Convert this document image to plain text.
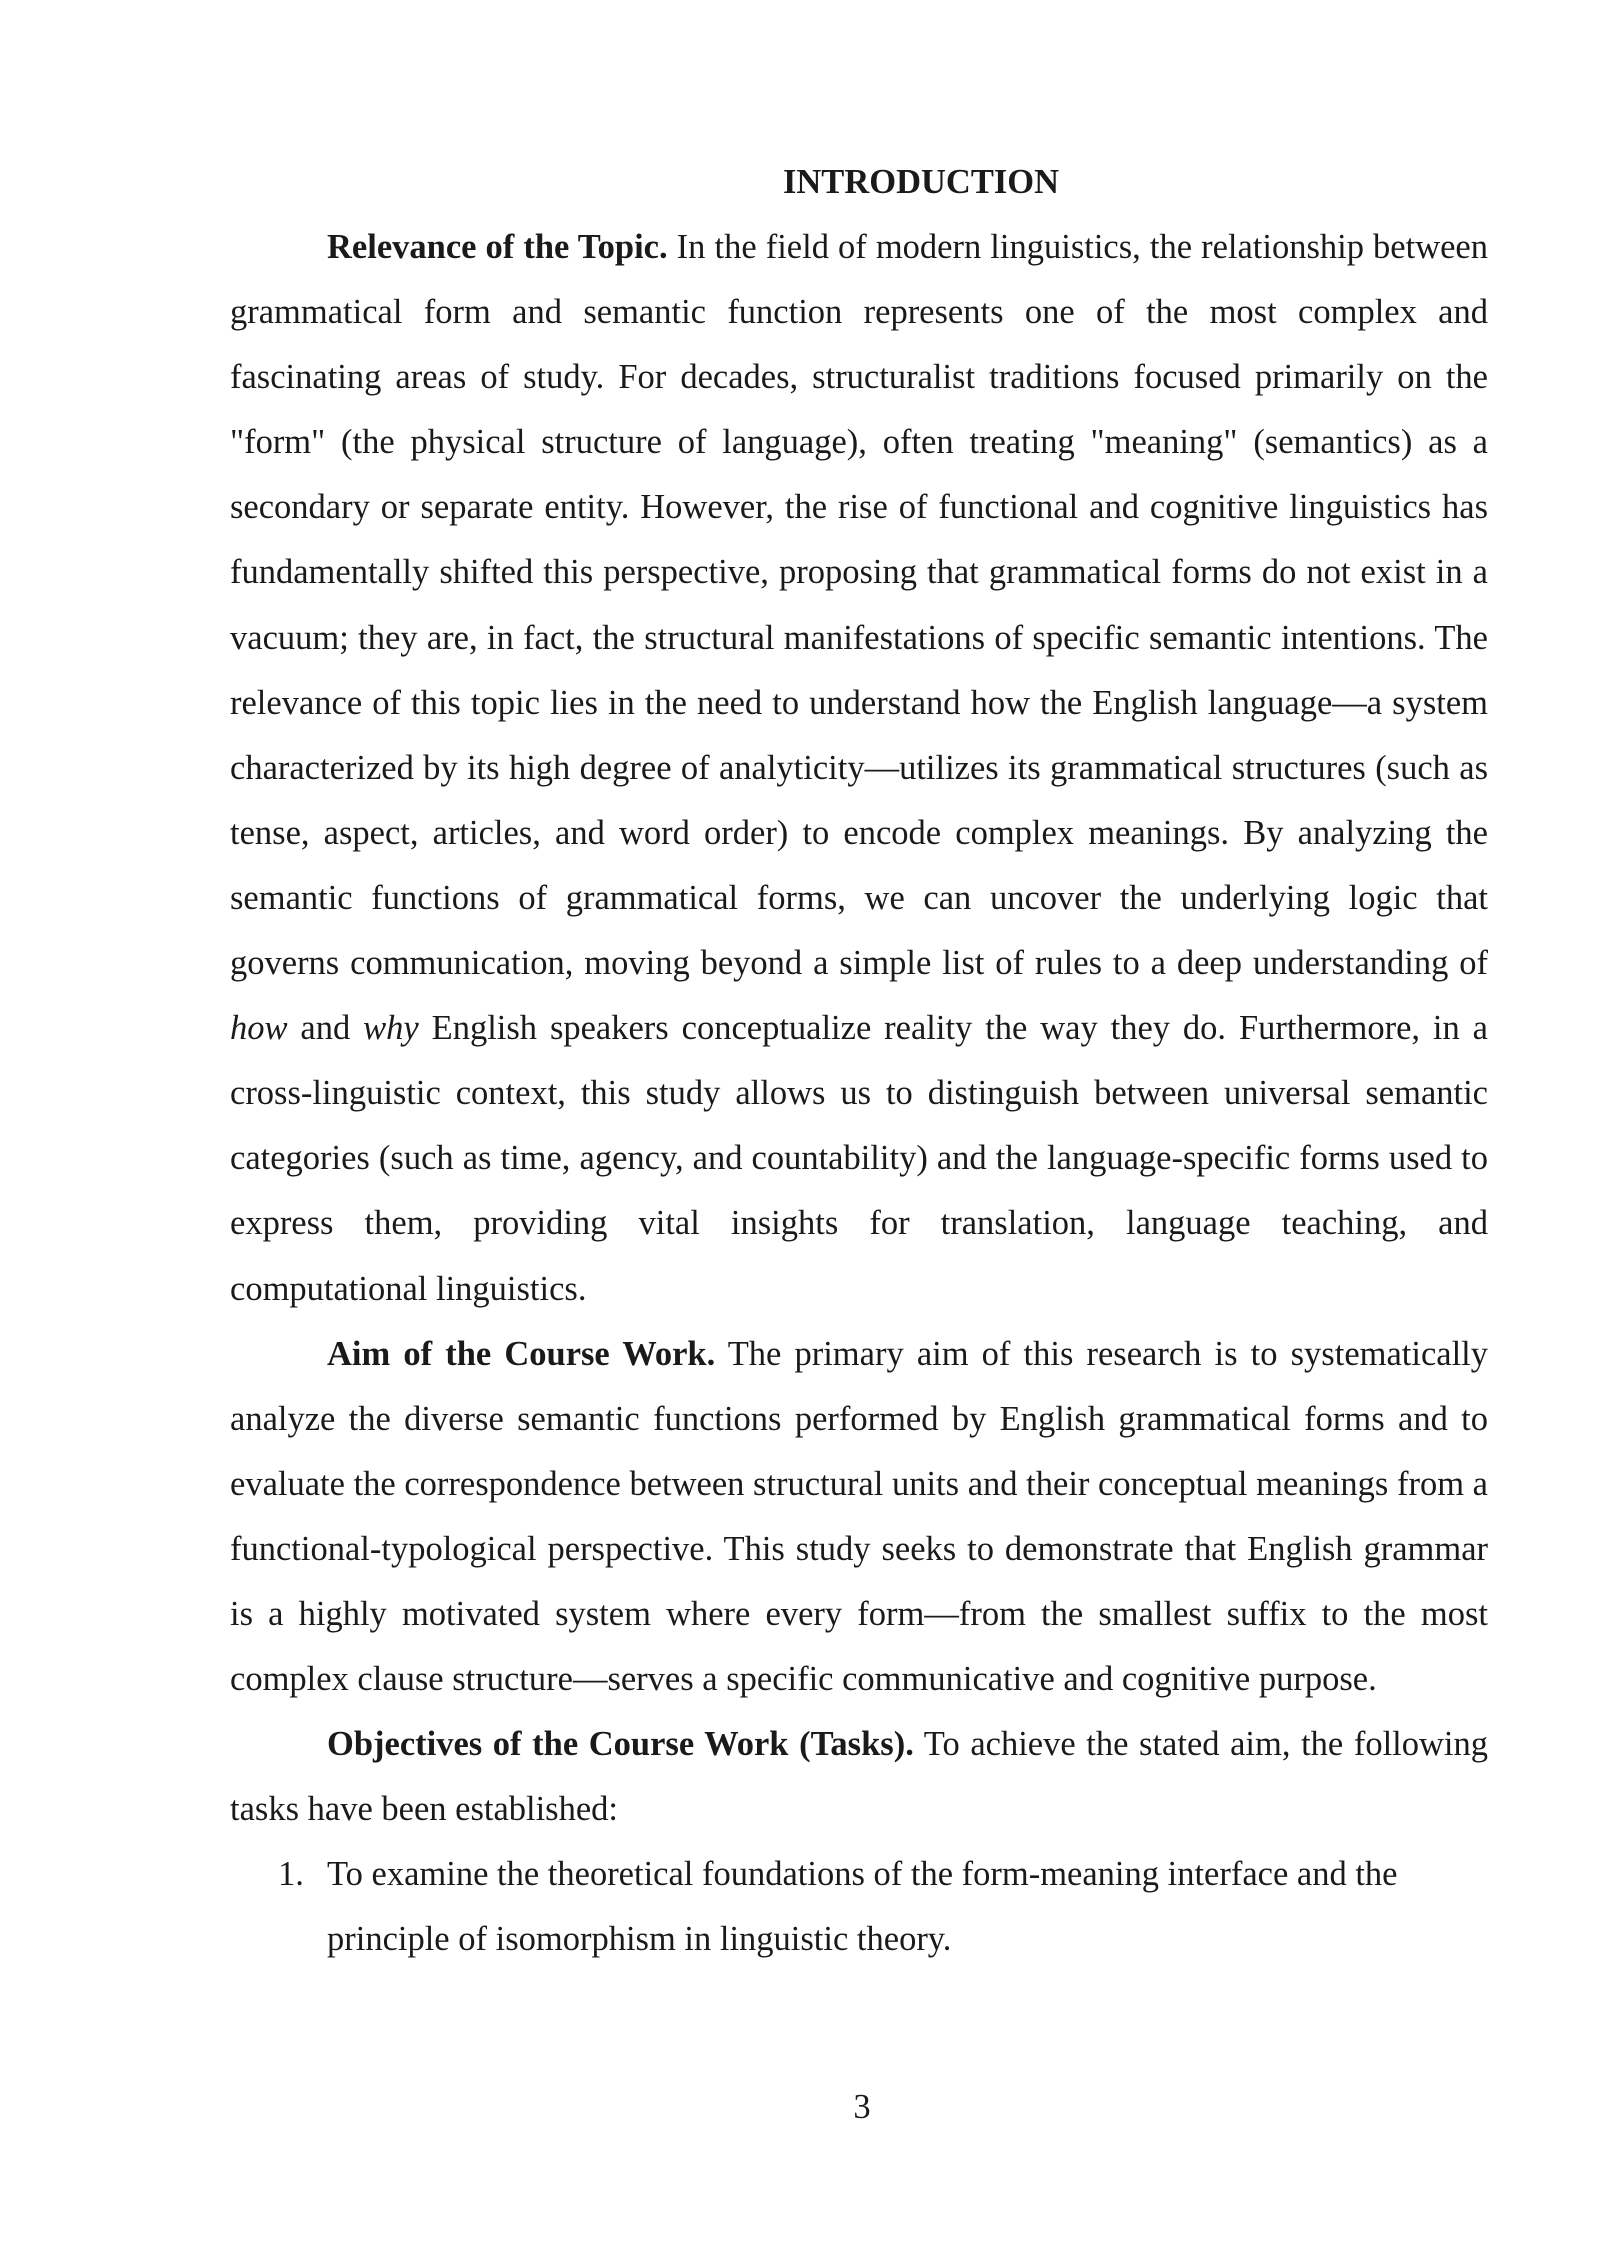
INTRODUCTION

Relevance of the Topic. In the field of modern linguistics, the relationship between grammatical form and semantic function represents one of the most complex and fascinating areas of study. For decades, structuralist traditions focused primarily on the "form" (the physical structure of language), often treating "meaning" (semantics) as a secondary or separate entity. However, the rise of functional and cognitive linguistics has fundamentally shifted this perspective, proposing that grammatical forms do not exist in a vacuum; they are, in fact, the structural manifestations of specific semantic intentions. The relevance of this topic lies in the need to understand how the English language—a system characterized by its high degree of analyticity—utilizes its grammatical structures (such as tense, aspect, articles, and word order) to encode complex meanings. By analyzing the semantic functions of grammatical forms, we can uncover the underlying logic that governs communication, moving beyond a simple list of rules to a deep understanding of how and why English speakers conceptualize reality the way they do. Furthermore, in a cross-linguistic context, this study allows us to distinguish between universal semantic categories (such as time, agency, and countability) and the language-specific forms used to express them, providing vital insights for translation, language teaching, and computational linguistics.

Aim of the Course Work. The primary aim of this research is to systematically analyze the diverse semantic functions performed by English grammatical forms and to evaluate the correspondence between structural units and their conceptual meanings from a functional-typological perspective. This study seeks to demonstrate that English grammar is a highly motivated system where every form—from the smallest suffix to the most complex clause structure—serves a specific communicative and cognitive purpose.

Objectives of the Course Work (Tasks). To achieve the stated aim, the following tasks have been established:

1. To examine the theoretical foundations of the form-meaning interface and the principle of isomorphism in linguistic theory.
3
